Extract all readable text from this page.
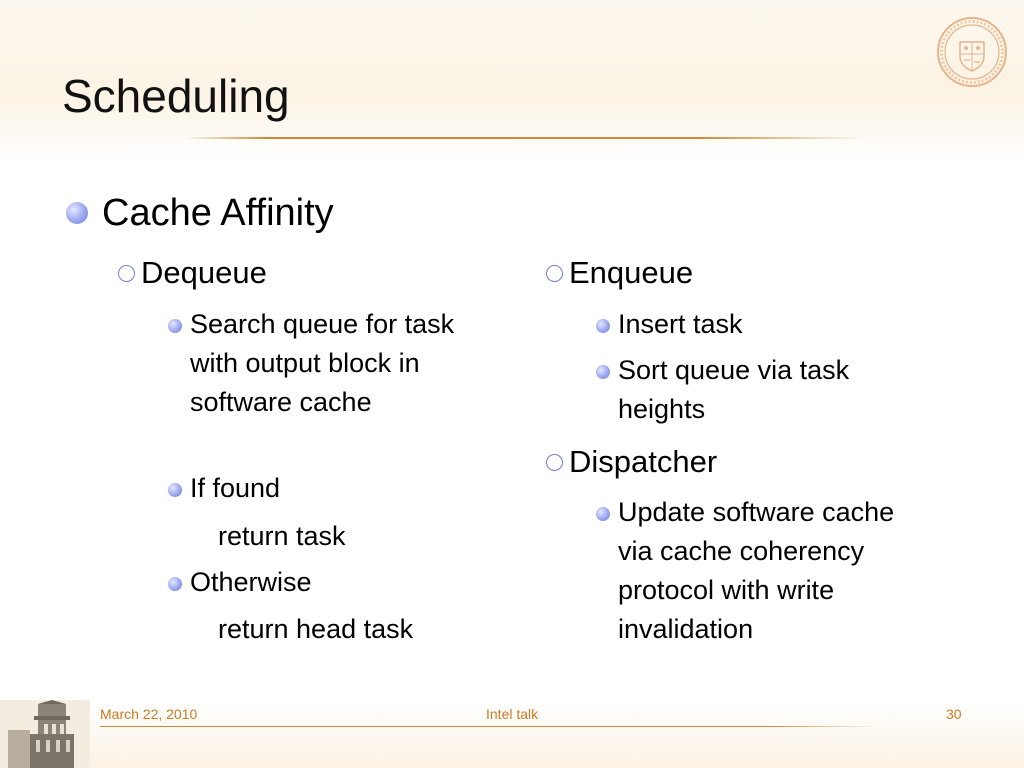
Scheduling
Cache Affinity
Dequeue
Search queue for task with output block in software cache
If found
return task
Otherwise
return head task
Enqueue
Insert task
Sort queue via task heights
Dispatcher
Update software cache via cache coherency protocol with write invalidation
March 22, 2010	Intel talk	30
